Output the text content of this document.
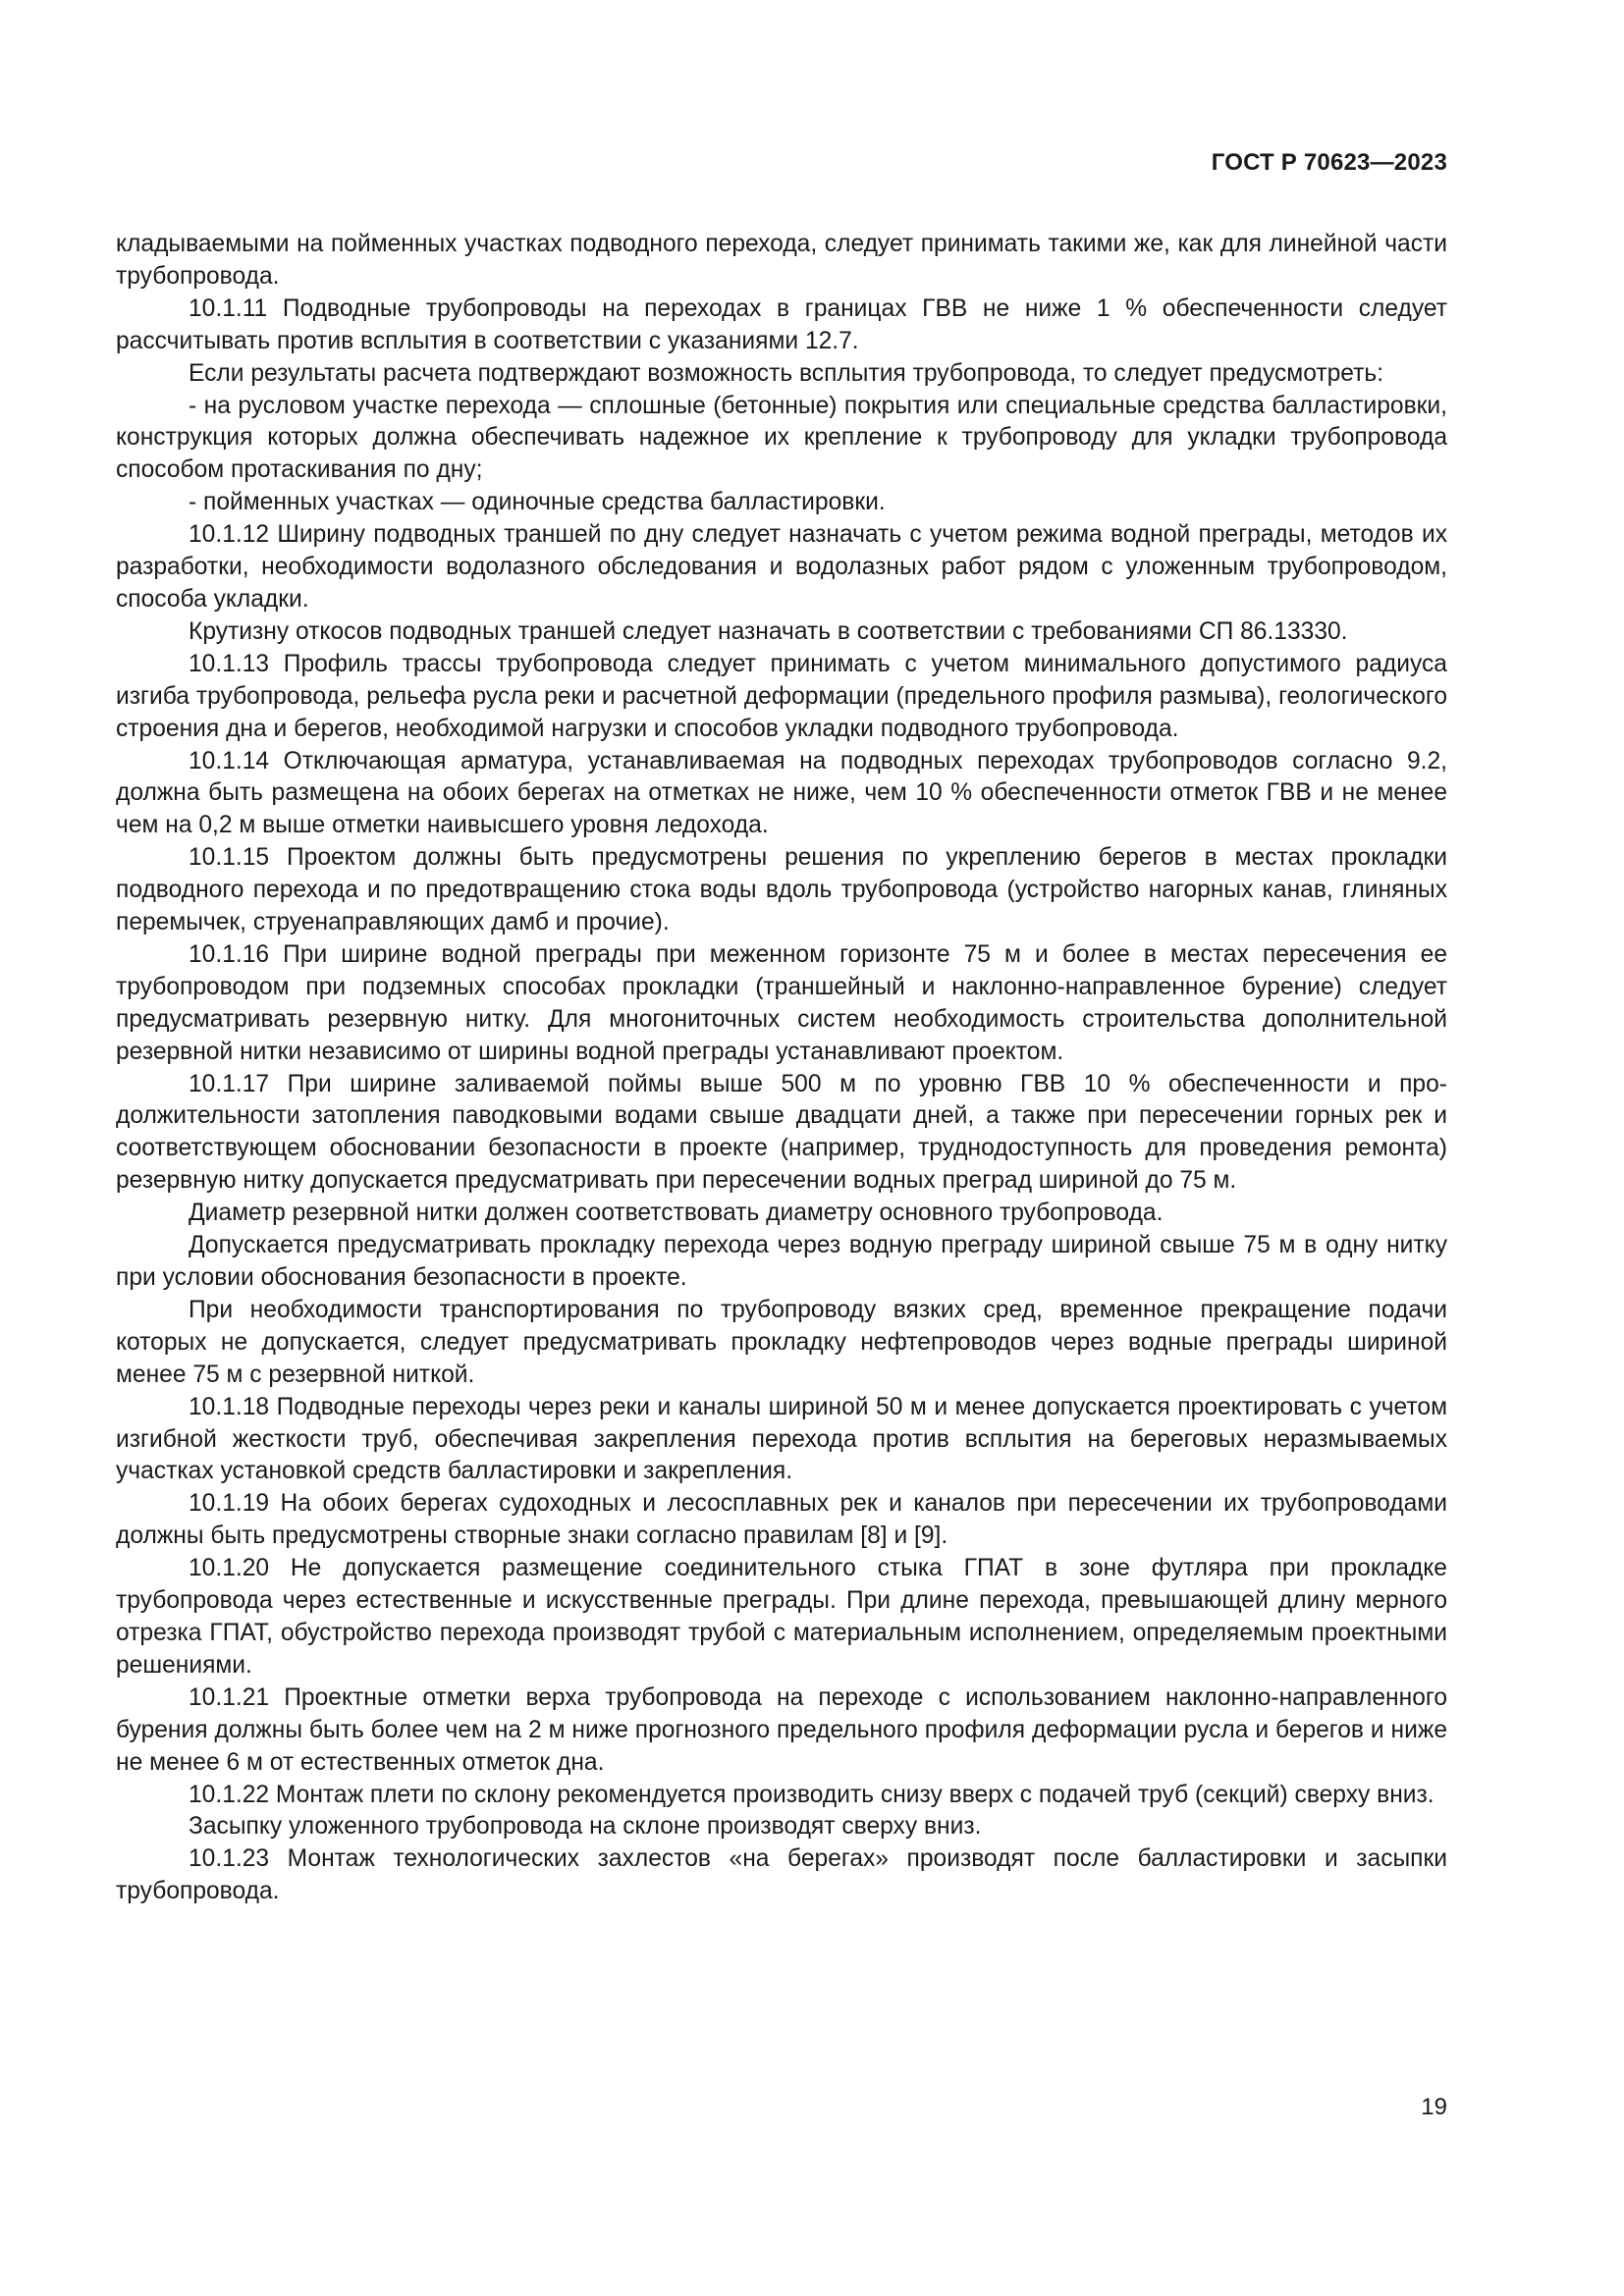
ГОСТ Р 70623—2023

кладываемыми на пойменных участках подводного перехода, следует принимать такими же, как для линейной части трубопровода.

10.1.11 Подводные трубопроводы на переходах в границах ГВВ не ниже 1 % обеспеченности следует рассчитывать против всплытия в соответствии с указаниями 12.7.

Если результаты расчета подтверждают возможность всплытия трубопровода, то следует предусмотреть:

- на русловом участке перехода — сплошные (бетонные) покрытия или специальные средства балластировки, конструкция которых должна обеспечивать надежное их крепление к трубопроводу для укладки трубопровода способом протаскивания по дну;

- пойменных участках — одиночные средства балластировки.

10.1.12 Ширину подводных траншей по дну следует назначать с учетом режима водной преграды, методов их разработки, необходимости водолазного обследования и водолазных работ рядом с уложенным трубопроводом, способа укладки.

Крутизну откосов подводных траншей следует назначать в соответствии с требованиями СП 86.13330.

10.1.13 Профиль трассы трубопровода следует принимать с учетом минимального допустимого радиуса изгиба трубопровода, рельефа русла реки и расчетной деформации (предельного профиля размыва), геологического строения дна и берегов, необходимой нагрузки и способов укладки подводного трубопровода.

10.1.14 Отключающая арматура, устанавливаемая на подводных переходах трубопроводов согласно 9.2, должна быть размещена на обоих берегах на отметках не ниже, чем 10 % обеспеченности отметок ГВВ и не менее чем на 0,2 м выше отметки наивысшего уровня ледохода.

10.1.15 Проектом должны быть предусмотрены решения по укреплению берегов в местах прокладки подводного перехода и по предотвращению стока воды вдоль трубопровода (устройство нагорных канав, глиняных перемычек, струенаправляющих дамб и прочие).

10.1.16 При ширине водной преграды при меженном горизонте 75 м и более в местах пересечения ее трубопроводом при подземных способах прокладки (траншейный и наклонно-направленное бурение) следует предусматривать резервную нитку. Для многониточных систем необходимость строительства дополнительной резервной нитки независимо от ширины водной преграды устанавливают проектом.

10.1.17 При ширине заливаемой поймы выше 500 м по уровню ГВВ 10 % обеспеченности и продолжительности затопления паводковыми водами свыше двадцати дней, а также при пересечении горных рек и соответствующем обосновании безопасности в проекте (например, труднодоступность для проведения ремонта) резервную нитку допускается предусматривать при пересечении водных преград шириной до 75 м.

Диаметр резервной нитки должен соответствовать диаметру основного трубопровода.

Допускается предусматривать прокладку перехода через водную преграду шириной свыше 75 м в одну нитку при условии обоснования безопасности в проекте.

При необходимости транспортирования по трубопроводу вязких сред, временное прекращение подачи которых не допускается, следует предусматривать прокладку нефтепроводов через водные преграды шириной менее 75 м с резервной ниткой.

10.1.18 Подводные переходы через реки и каналы шириной 50 м и менее допускается проектировать с учетом изгибной жесткости труб, обеспечивая закрепления перехода против всплытия на береговых неразмываемых участках установкой средств балластировки и закрепления.

10.1.19 На обоих берегах судоходных и лесосплавных рек и каналов при пересечении их трубопроводами должны быть предусмотрены створные знаки согласно правилам [8] и [9].

10.1.20 Не допускается размещение соединительного стыка ГПАТ в зоне футляра при прокладке трубопровода через естественные и искусственные преграды. При длине перехода, превышающей длину мерного отрезка ГПАТ, обустройство перехода производят трубой с материальным исполнением, определяемым проектными решениями.

10.1.21 Проектные отметки верха трубопровода на переходе с использованием наклонно-направленного бурения должны быть более чем на 2 м ниже прогнозного предельного профиля деформации русла и берегов и ниже не менее 6 м от естественных отметок дна.

10.1.22 Монтаж плети по склону рекомендуется производить снизу вверх с подачей труб (секций) сверху вниз.

Засыпку уложенного трубопровода на склоне производят сверху вниз.

10.1.23 Монтаж технологических захлестов «на берегах» производят после балластировки и засыпки трубопровода.

19
